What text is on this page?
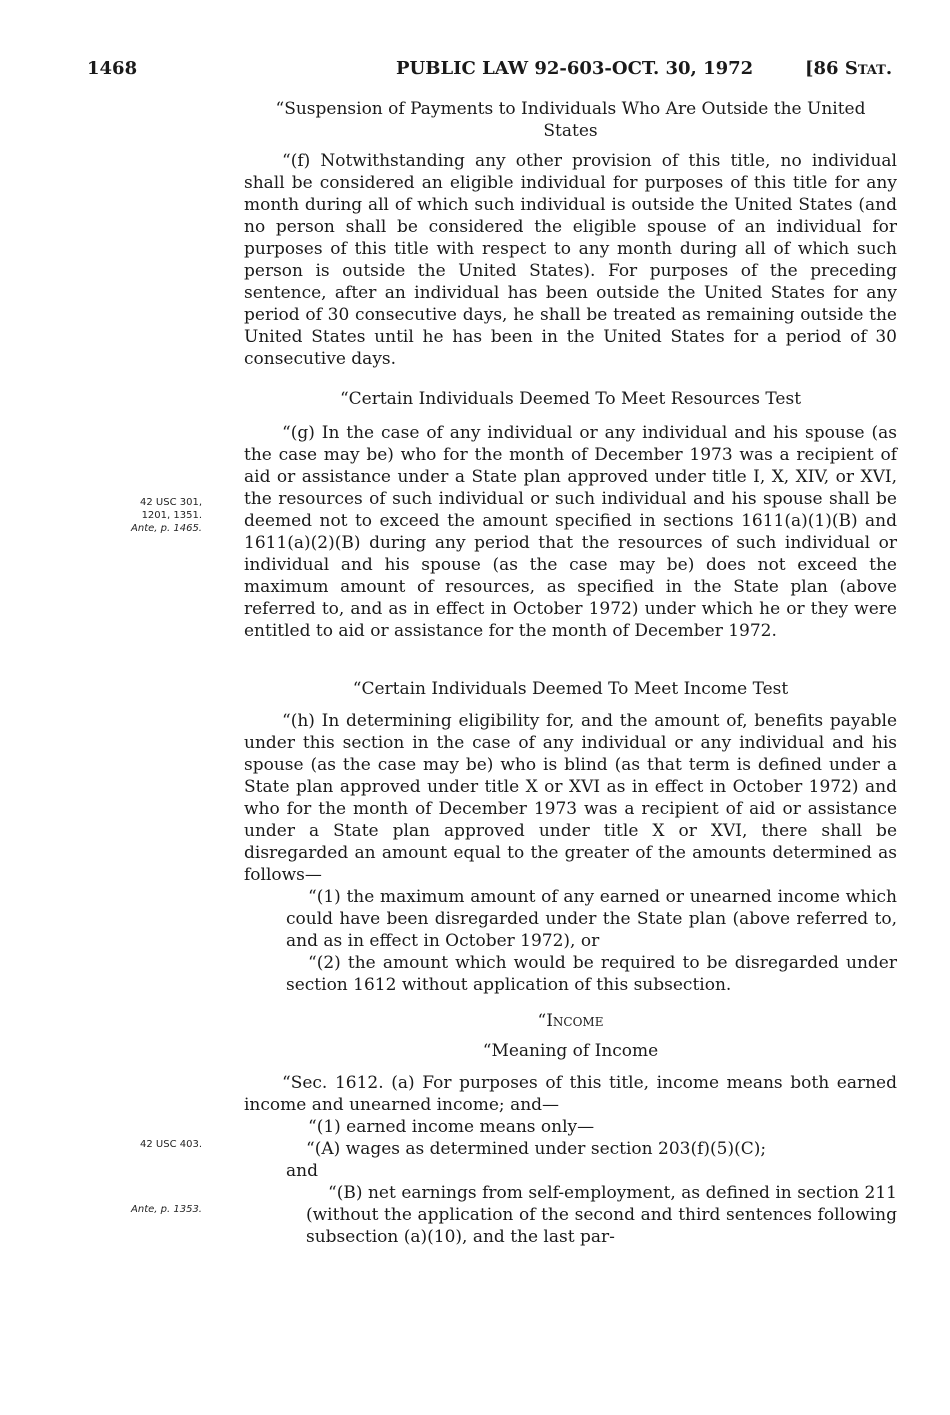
1468	PUBLIC LAW 92-603-OCT. 30, 1972	[86 Stat.

“Suspension of Payments to Individuals Who Are Outside the United States

“(f) Notwithstanding any other provision of this title, no individual shall be considered an eligible individual for purposes of this title for any month during all of which such individual is outside the United States (and no person shall be considered the eligible spouse of an individual for purposes of this title with respect to any month during all of which such person is outside the United States). For purposes of the preceding sentence, after an individual has been outside the United States for any period of 30 consecutive days, he shall be treated as remaining outside the United States until he has been in the United States for a period of 30 consecutive days.

“Certain Individuals Deemed To Meet Resources Test

“(g) In the case of any individual or any individual and his spouse (as the case may be) who for the month of December 1973 was a recipient of aid or assistance under a State plan approved under title I, X, XIV, or XVI, the resources of such individual or such individual and his spouse shall be deemed not to exceed the amount specified in sections 1611(a)(1)(B) and 1611(a)(2)(B) during any period that the resources of such individual or individual and his spouse (as the case may be) does not exceed the maximum amount of resources, as specified in the State plan (above referred to, and as in effect in October 1972) under which he or they were entitled to aid or assistance for the month of December 1972.

“Certain Individuals Deemed To Meet Income Test

“(h) In determining eligibility for, and the amount of, benefits payable under this section in the case of any individual or any individual and his spouse (as the case may be) who is blind (as that term is defined under a State plan approved under title X or XVI as in effect in October 1972) and who for the month of December 1973 was a recipient of aid or assistance under a State plan approved under title X or XVI, there shall be disregarded an amount equal to the greater of the amounts determined as follows—

“(1) the maximum amount of any earned or unearned income which could have been disregarded under the State plan (above referred to, and as in effect in October 1972), or

“(2) the amount which would be required to be disregarded under section 1612 without application of this subsection.

“Income

“Meaning of Income

“Sec. 1612. (a) For purposes of this title, income means both earned income and unearned income; and—

“(1) earned income means only—

“(A) wages as determined under section 203(f)(5)(C);

and

“(B) net earnings from self-employment, as defined in section 211 (without the application of the second and third sentences following subsection (a)(10), and the last par-

42 USC 301,
1201, 1351.
Ante, p. 1465.
42 USC 403.
Ante, p. 1353.
